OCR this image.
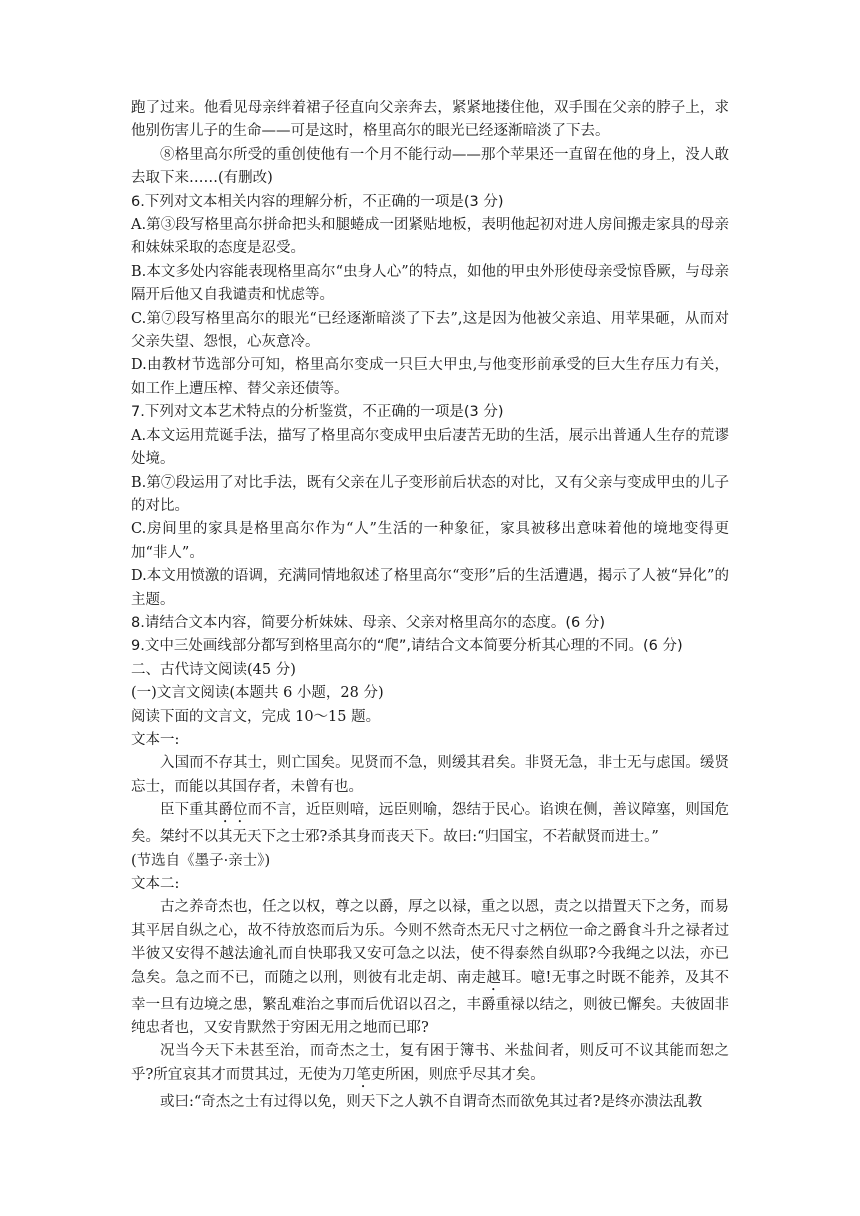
跑了过来。他看见母亲绊着裙子径直向父亲奔去，紧紧地搂住他，双手围在父亲的脖子上，求他别伤害儿子的生命——可是这时，格里高尔的眼光已经逐渐暗淡了下去。

⑧格里高尔所受的重创使他有一个月不能行动——那个苹果还一直留在他的身上，没人敢去取下来……(有删改)

6.下列对文本相关内容的理解分析，不正确的一项是(3 分)

A.第③段写格里高尔拼命把头和腿蜷成一团紧贴地板，表明他起初对进人房间搬走家具的母亲和妹妹采取的态度是忍受。

B.本文多处内容能表现格里高尔“虫身人心”的特点，如他的甲虫外形使母亲受惊昏厥，与母亲隔开后他又自我谴责和忧虑等。

C.第⑦段写格里高尔的眼光“已经逐渐暗淡了下去”,这是因为他被父亲追、用苹果砸，从而对父亲失望、怨恨，心灰意冷。

D.由教材节选部分可知，格里高尔变成一只巨大甲虫,与他变形前承受的巨大生存压力有关，如工作上遭压榨、替父亲还债等。

7.下列对文本艺术特点的分析鉴赏，不正确的一项是(3 分)

A.本文运用荒诞手法，描写了格里高尔变成甲虫后凄苦无助的生活，展示出普通人生存的荒谬处境。

B.第⑦段运用了对比手法，既有父亲在儿子变形前后状态的对比，又有父亲与变成甲虫的儿子的对比。

C.房间里的家具是格里高尔作为“人”生活的一种象征，家具被移出意味着他的境地变得更加“非人”。

D.本文用愤激的语调，充满同情地叙述了格里高尔“变形”后的生活遭遇，揭示了人被“异化”的主题。

8.请结合文本内容，简要分析妹妹、母亲、父亲对格里高尔的态度。(6 分)

9.文中三处画线部分都写到格里高尔的“爬”,请结合文本简要分析其心理的不同。(6 分)

二、古代诗文阅读(45 分)

(一)文言文阅读(本题共 6 小题，28 分)

阅读下面的文言文，完成 10～15 题。

文本一:

入国而不存其士，则亡国矣。见贤而不急，则缓其君矣。非贤无急，非士无与虑国。缓贤忘士，而能以其国存者，未曾有也。

臣下重其爵位而不言，近臣则喑，远臣则喻，怨结于民心。谄谀在侧，善议障塞，则国危矣。桀纣不以其无天下之士邪?杀其身而丧天下。故曰:“归国宝，不若献贤而进士。”

(节选自《墨子·亲士》)

文本二:

古之养奇杰也，任之以权，尊之以爵，厚之以禄，重之以恩，责之以措置天下之务，而易其平居自纵之心，故不待放恣而后为乐。今则不然奇杰无尺寸之柄位一命之爵食斗升之禄者过半彼又安得不越法逾礼而自快耶我又安可急之以法，使不得泰然自纵耶?今我绳之以法，亦已急矣。急之而不已，而随之以刑，则彼有北走胡、南走越耳。噫!无事之时既不能养，及其不幸一旦有边境之患，繁乱难治之事而后优诏以召之，丰爵重禄以结之，则彼已懈矣。夫彼固非纯忠者也，又安肯默然于穷困无用之地而已耶?

况当今天下未甚至治，而奇杰之士，复有困于簿书、米盐间者，则反可不议其能而恕之乎?所宜哀其才而贯其过，无使为刀笔吏所困，则庶乎尽其才矣。

或曰:“奇杰之士有过得以免，则天下之人孰不自谓奇杰而欲免其过者?是终亦溃法乱教
